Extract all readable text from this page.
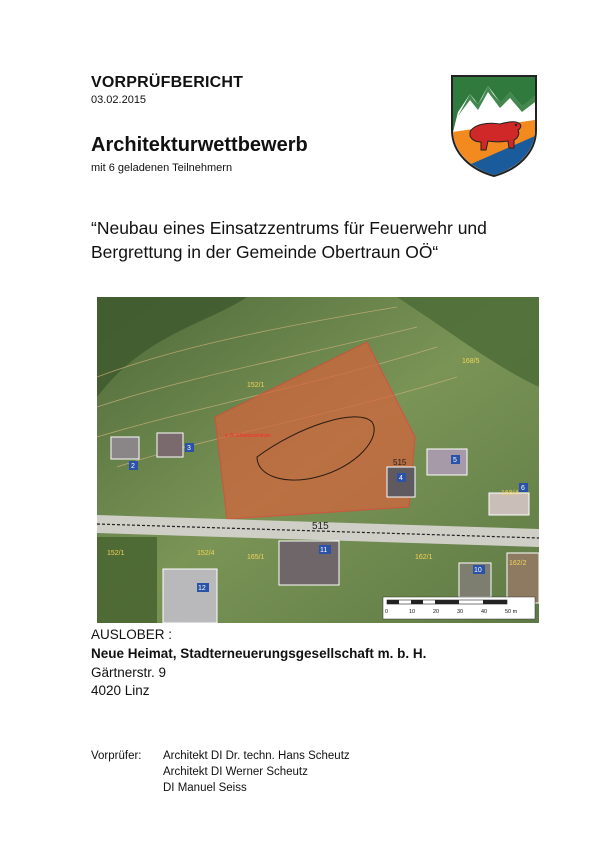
VORPRÜFBERICHT
03.02.2015
Architekturwettbewerb
mit 6 geladenen Teilnehmern
“Neubau eines Einsatzzentrums für Feuerwehr und Bergrettung in der Gemeinde Obertraun OÖ“
z. B. Einsatzzentrum
515
515
168/5
168/4
152/1
152/1
152/4
162/1
162/2
165/1
2
3
4
5
6
10
11
12
0	10	20	30	40	50 m
AUSLOBER :
Neue Heimat, Stadterneuerungsgesellschaft m. b. H.
Gärtnerstr. 9
4020 Linz
Vorprüfer: Architekt DI Dr. techn. Hans Scheutz
Architekt DI Werner Scheutz
DI Manuel Seiss
